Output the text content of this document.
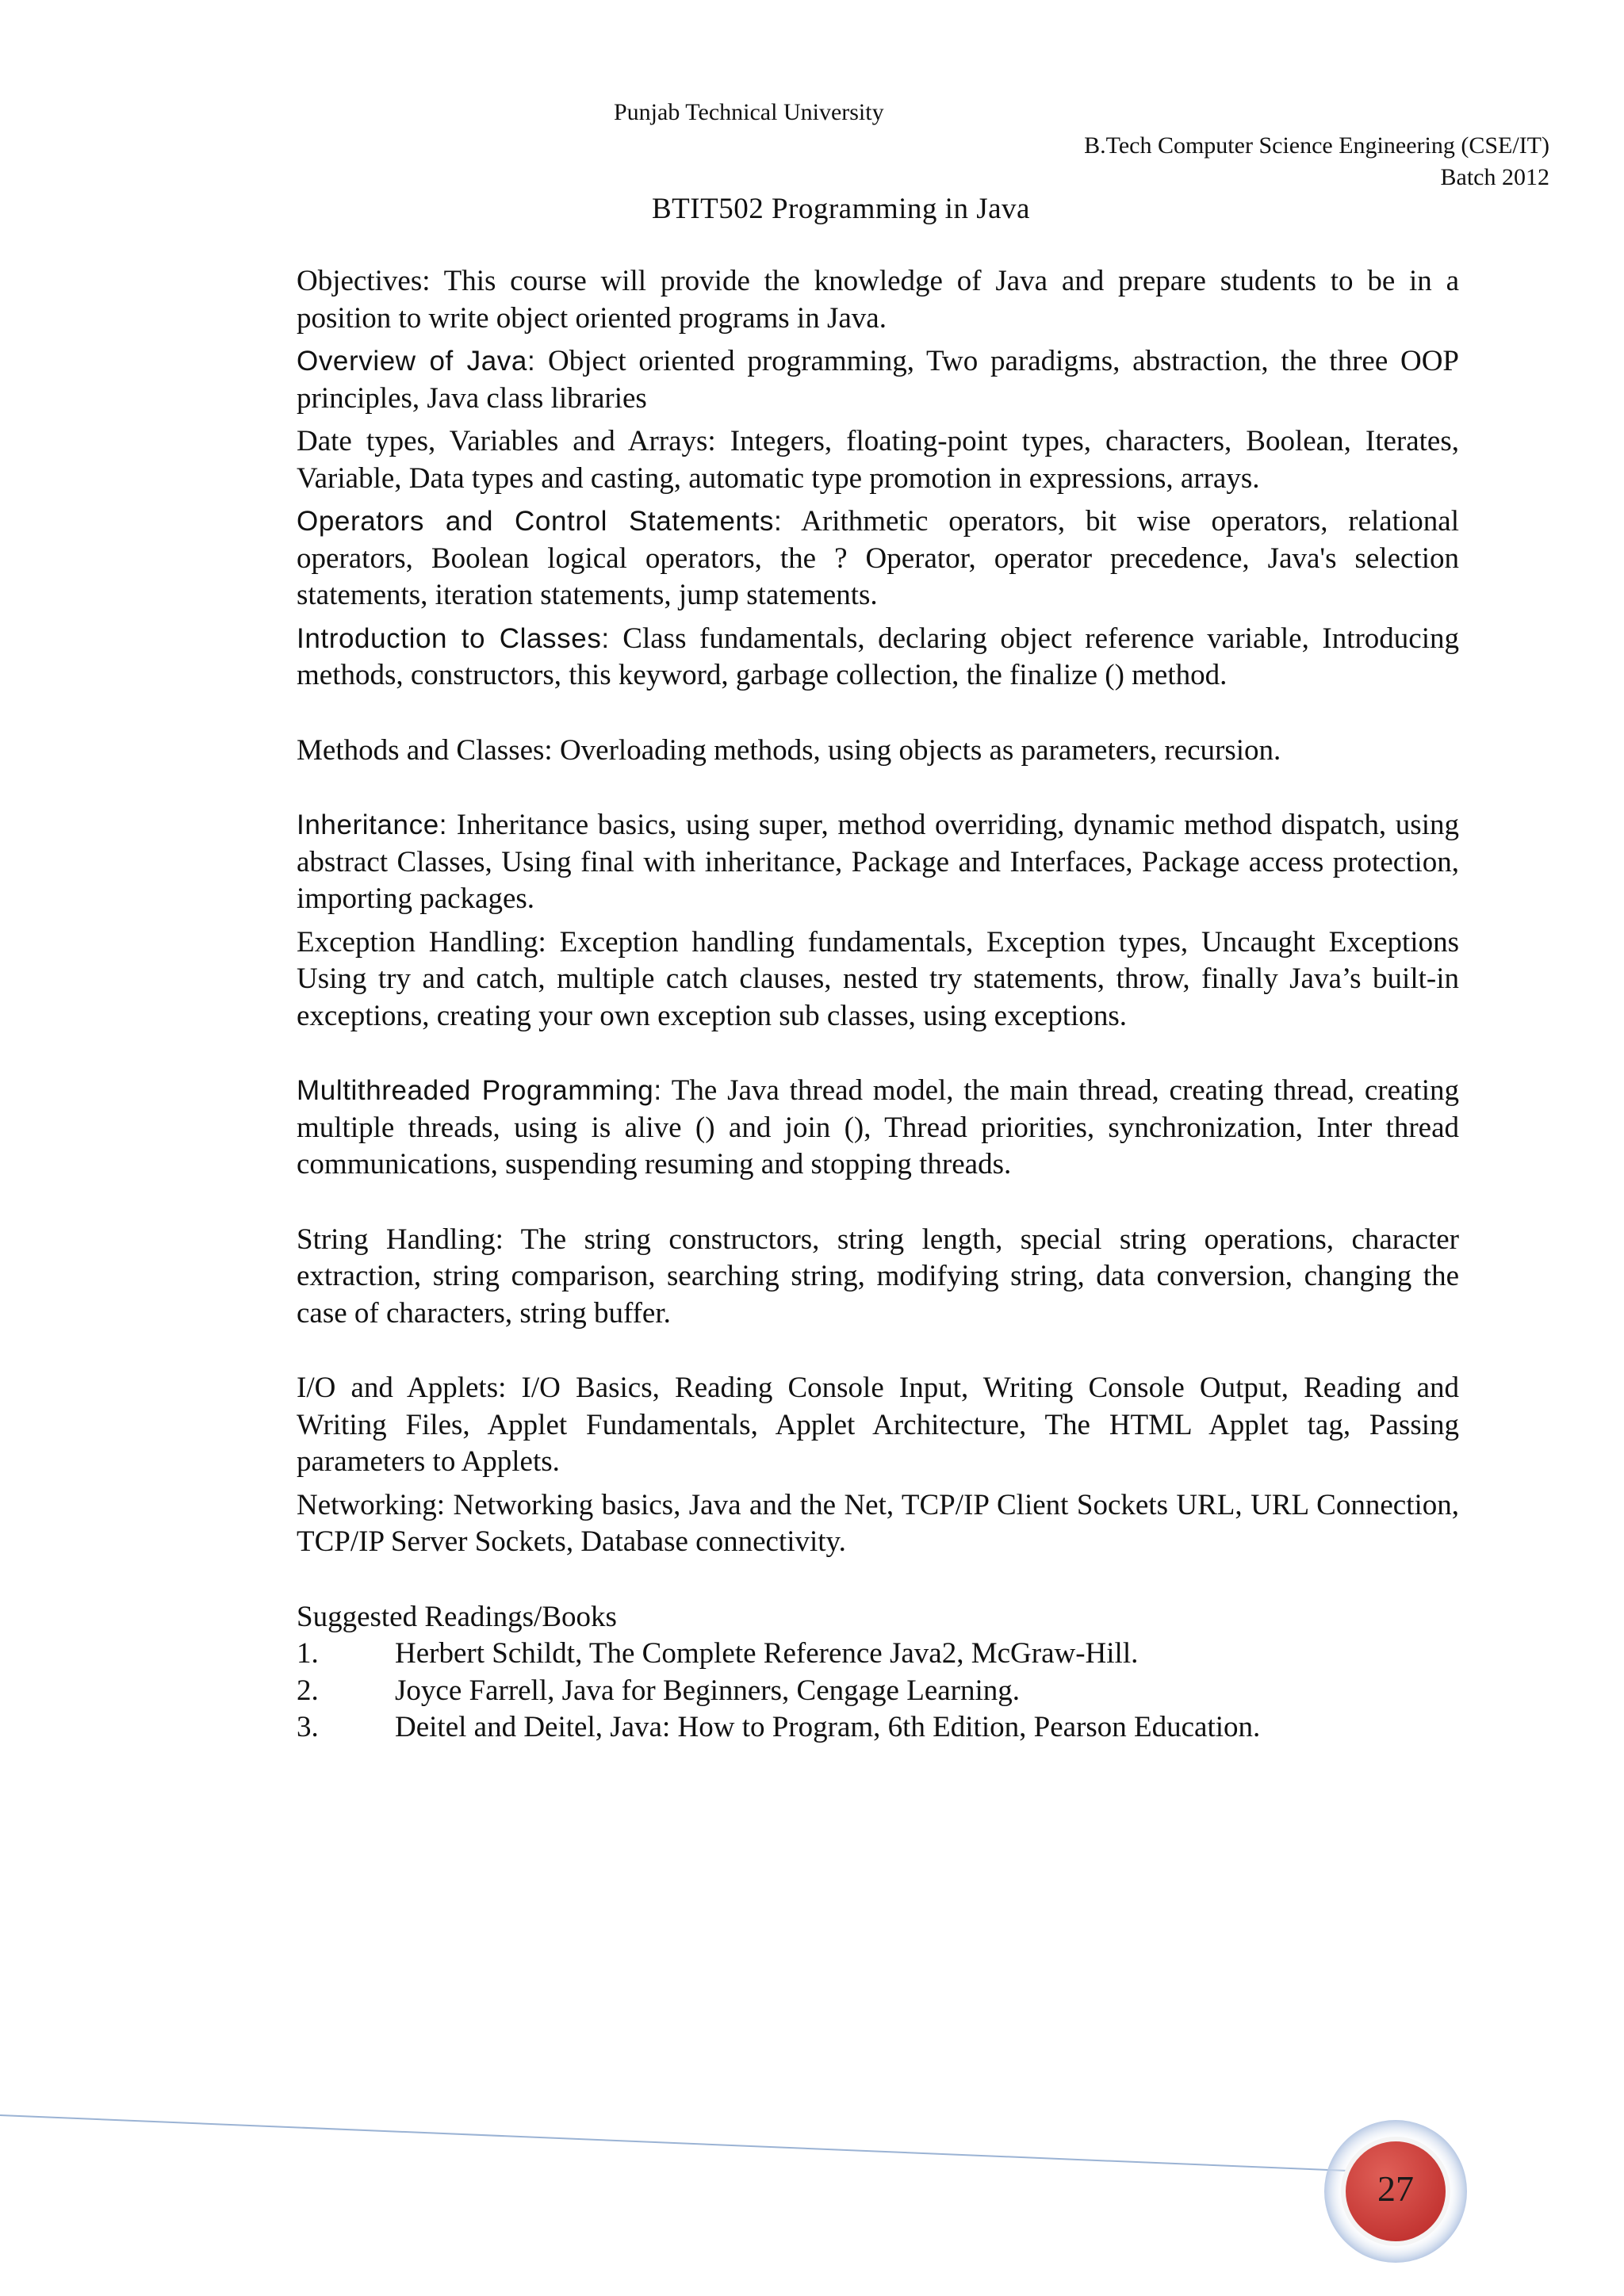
Punjab Technical University
B.Tech Computer Science Engineering (CSE/IT)
Batch 2012
BTIT502 Programming in Java

Objectives: This course will provide the knowledge of Java and prepare students to be in a position to write object oriented programs in Java.

Overview of Java: Object oriented programming, Two paradigms, abstraction, the three OOP principles, Java class libraries

Date types, Variables and Arrays: Integers, floating-point types, characters, Boolean, Iterates, Variable, Data types and casting, automatic type promotion in expressions, arrays.

Operators and Control Statements: Arithmetic operators, bit wise operators, relational operators, Boolean logical operators, the ? Operator, operator precedence, Java's selection statements, iteration statements, jump statements.

Introduction to Classes: Class fundamentals, declaring object reference variable, Introducing methods, constructors, this keyword, garbage collection, the finalize () method.

Methods and Classes: Overloading methods, using objects as parameters, recursion.

Inheritance: Inheritance basics, using super, method overriding, dynamic method dispatch, using abstract Classes, Using final with inheritance, Package and Interfaces, Package access protection, importing packages.

Exception Handling: Exception handling fundamentals, Exception types, Uncaught Exceptions Using try and catch, multiple catch clauses, nested try statements, throw, finally Java’s built-in exceptions, creating your own exception sub classes, using exceptions.

Multithreaded Programming: The Java thread model, the main thread, creating thread, creating multiple threads, using is alive () and join (), Thread priorities, synchronization, Inter thread communications, suspending resuming and stopping threads.

String Handling: The string constructors, string length, special string operations, character extraction, string comparison, searching string, modifying string, data conversion, changing the case of characters, string buffer.

I/O and Applets: I/O Basics, Reading Console Input, Writing Console Output, Reading and Writing Files, Applet Fundamentals, Applet Architecture, The HTML Applet tag, Passing parameters to Applets.

Networking: Networking basics, Java and the Net, TCP/IP Client Sockets URL, URL Connection, TCP/IP Server Sockets, Database connectivity.

Suggested Readings/Books
1.	Herbert Schildt, The Complete Reference Java2, McGraw-Hill.
2.	Joyce Farrell, Java for Beginners, Cengage Learning.
3.	Deitel and Deitel, Java: How to Program, 6th Edition, Pearson Education.
27
